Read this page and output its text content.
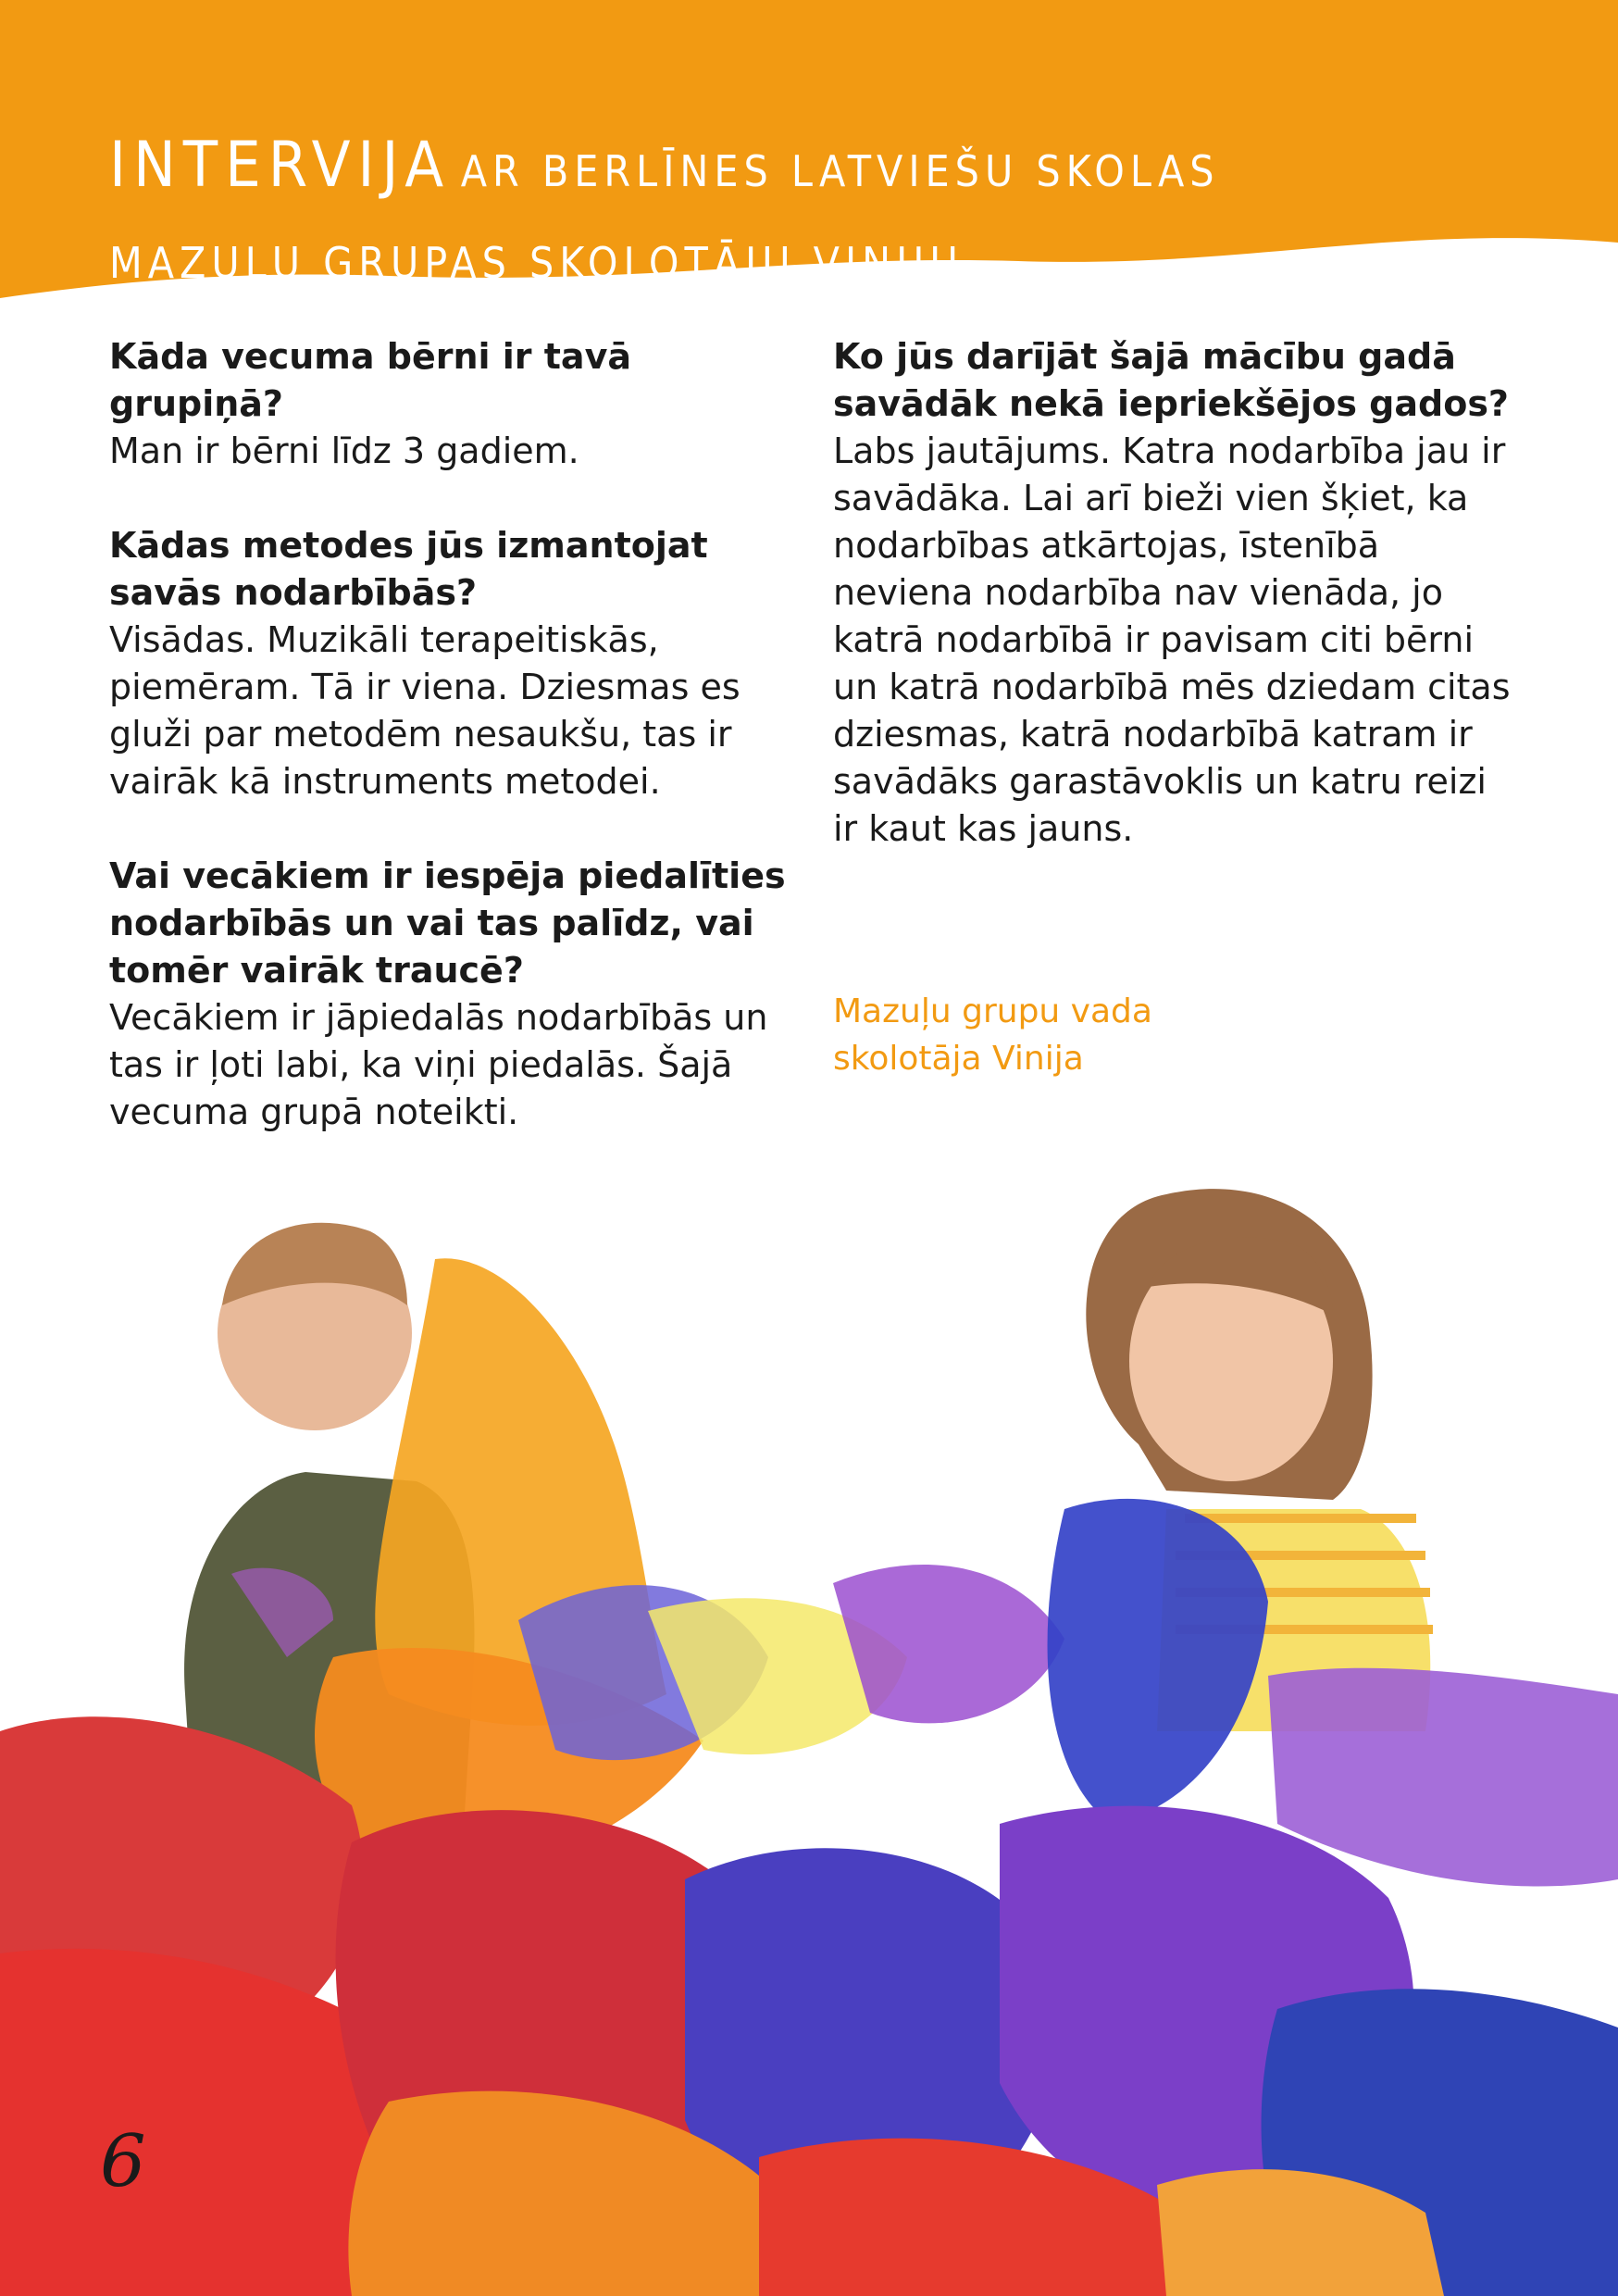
INTERVIJA AR BERLĪNES LATVIEŠU SKOLAS
MAZUĻU GRUPAS SKOLOTĀJU VINIJU
Kāda vecuma bērni ir tavā grupiņā?
Man ir bērni līdz 3 gadiem.
Kādas metodes jūs izmantojat savās nodarbībās?
Visādas. Muzikāli terapeitiskās, piemēram. Tā ir viena. Dziesmas es gluži par metodēm nesaukšu, tas ir vairāk kā instruments metodei.
Vai vecākiem ir iespēja piedalīties nodarbībās un vai tas palīdz, vai tomēr vairāk traucē?
Vecākiem ir jāpiedalās nodarbībās un tas ir ļoti labi, ka viņi piedalās. Šajā vecuma grupā noteikti.
Ko jūs darījāt šajā mācību gadā savādāk nekā iepriekšējos gados?
Labs jautājums. Katra nodarbība jau ir savādāka. Lai arī bieži vien šķiet, ka nodarbības atkārtojas, īstenībā neviena nodarbība nav vienāda, jo katrā nodarbībā ir pavisam citi bērni un katrā nodarbībā mēs dziedam citas dziesmas, katrā nodarbībā katram ir savādāks garastāvoklis un katru reizi ir kaut kas jauns.
Mazuļu grupu vada
skolotāja Vinija
6
